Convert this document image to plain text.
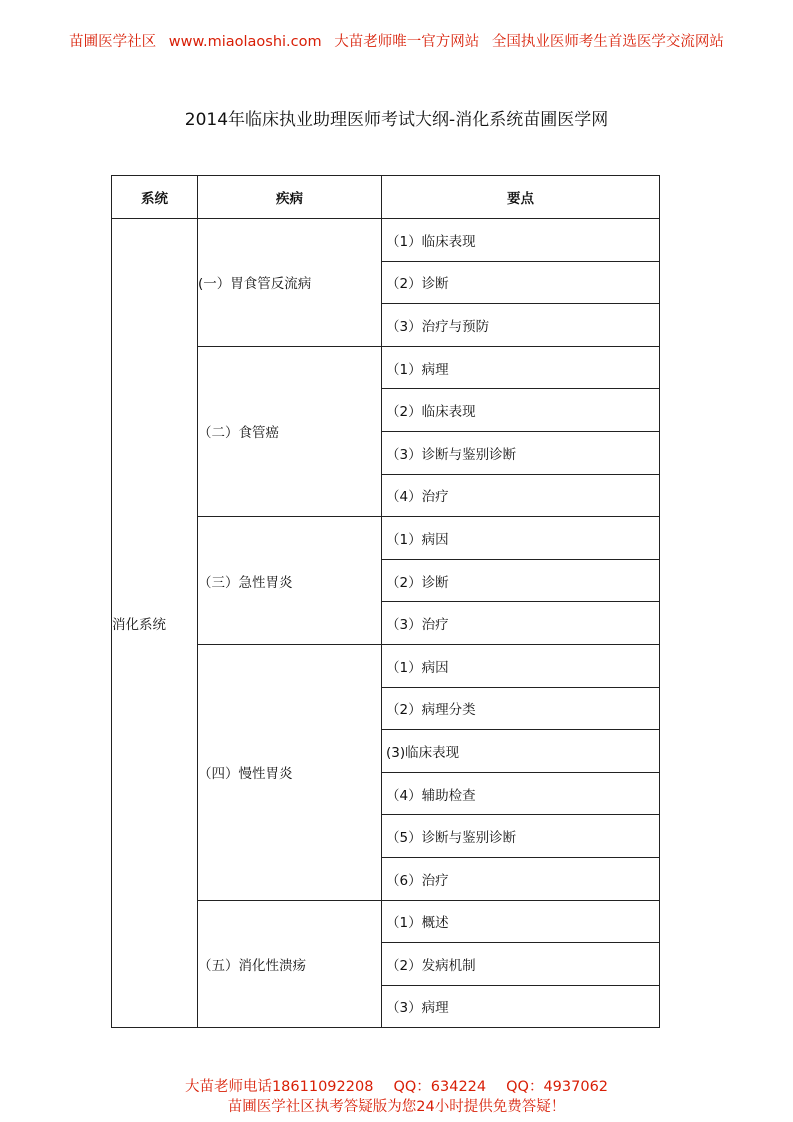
苗圃医学社区 www.miaolaoshi.com 大苗老师唯一官方网站 全国执业医师考生首选医学交流网站
2014年临床执业助理医师考试大纲-消化系统苗圃医学网
系统	疾病	要点
消化系统	(一）胃食管反流病	（1）临床表现
		（2）诊断
		（3）治疗与预防
	（二）食管癌	（1）病理
		（2）临床表现
		（3）诊断与鉴别诊断
		（4）治疗
	（三）急性胃炎	（1）病因
		（2）诊断
		（3）治疗
	（四）慢性胃炎	（1）病因
		（2）病理分类
		(3)临床表现
		（4）辅助检查
		（5）诊断与鉴别诊断
		（6）治疗
	（五）消化性溃疡	（1）概述
		（2）发病机制
		（3）病理
大苗老师电话18611092208 QQ：634224 QQ：4937062
苗圃医学社区执考答疑版为您24小时提供免费答疑！
